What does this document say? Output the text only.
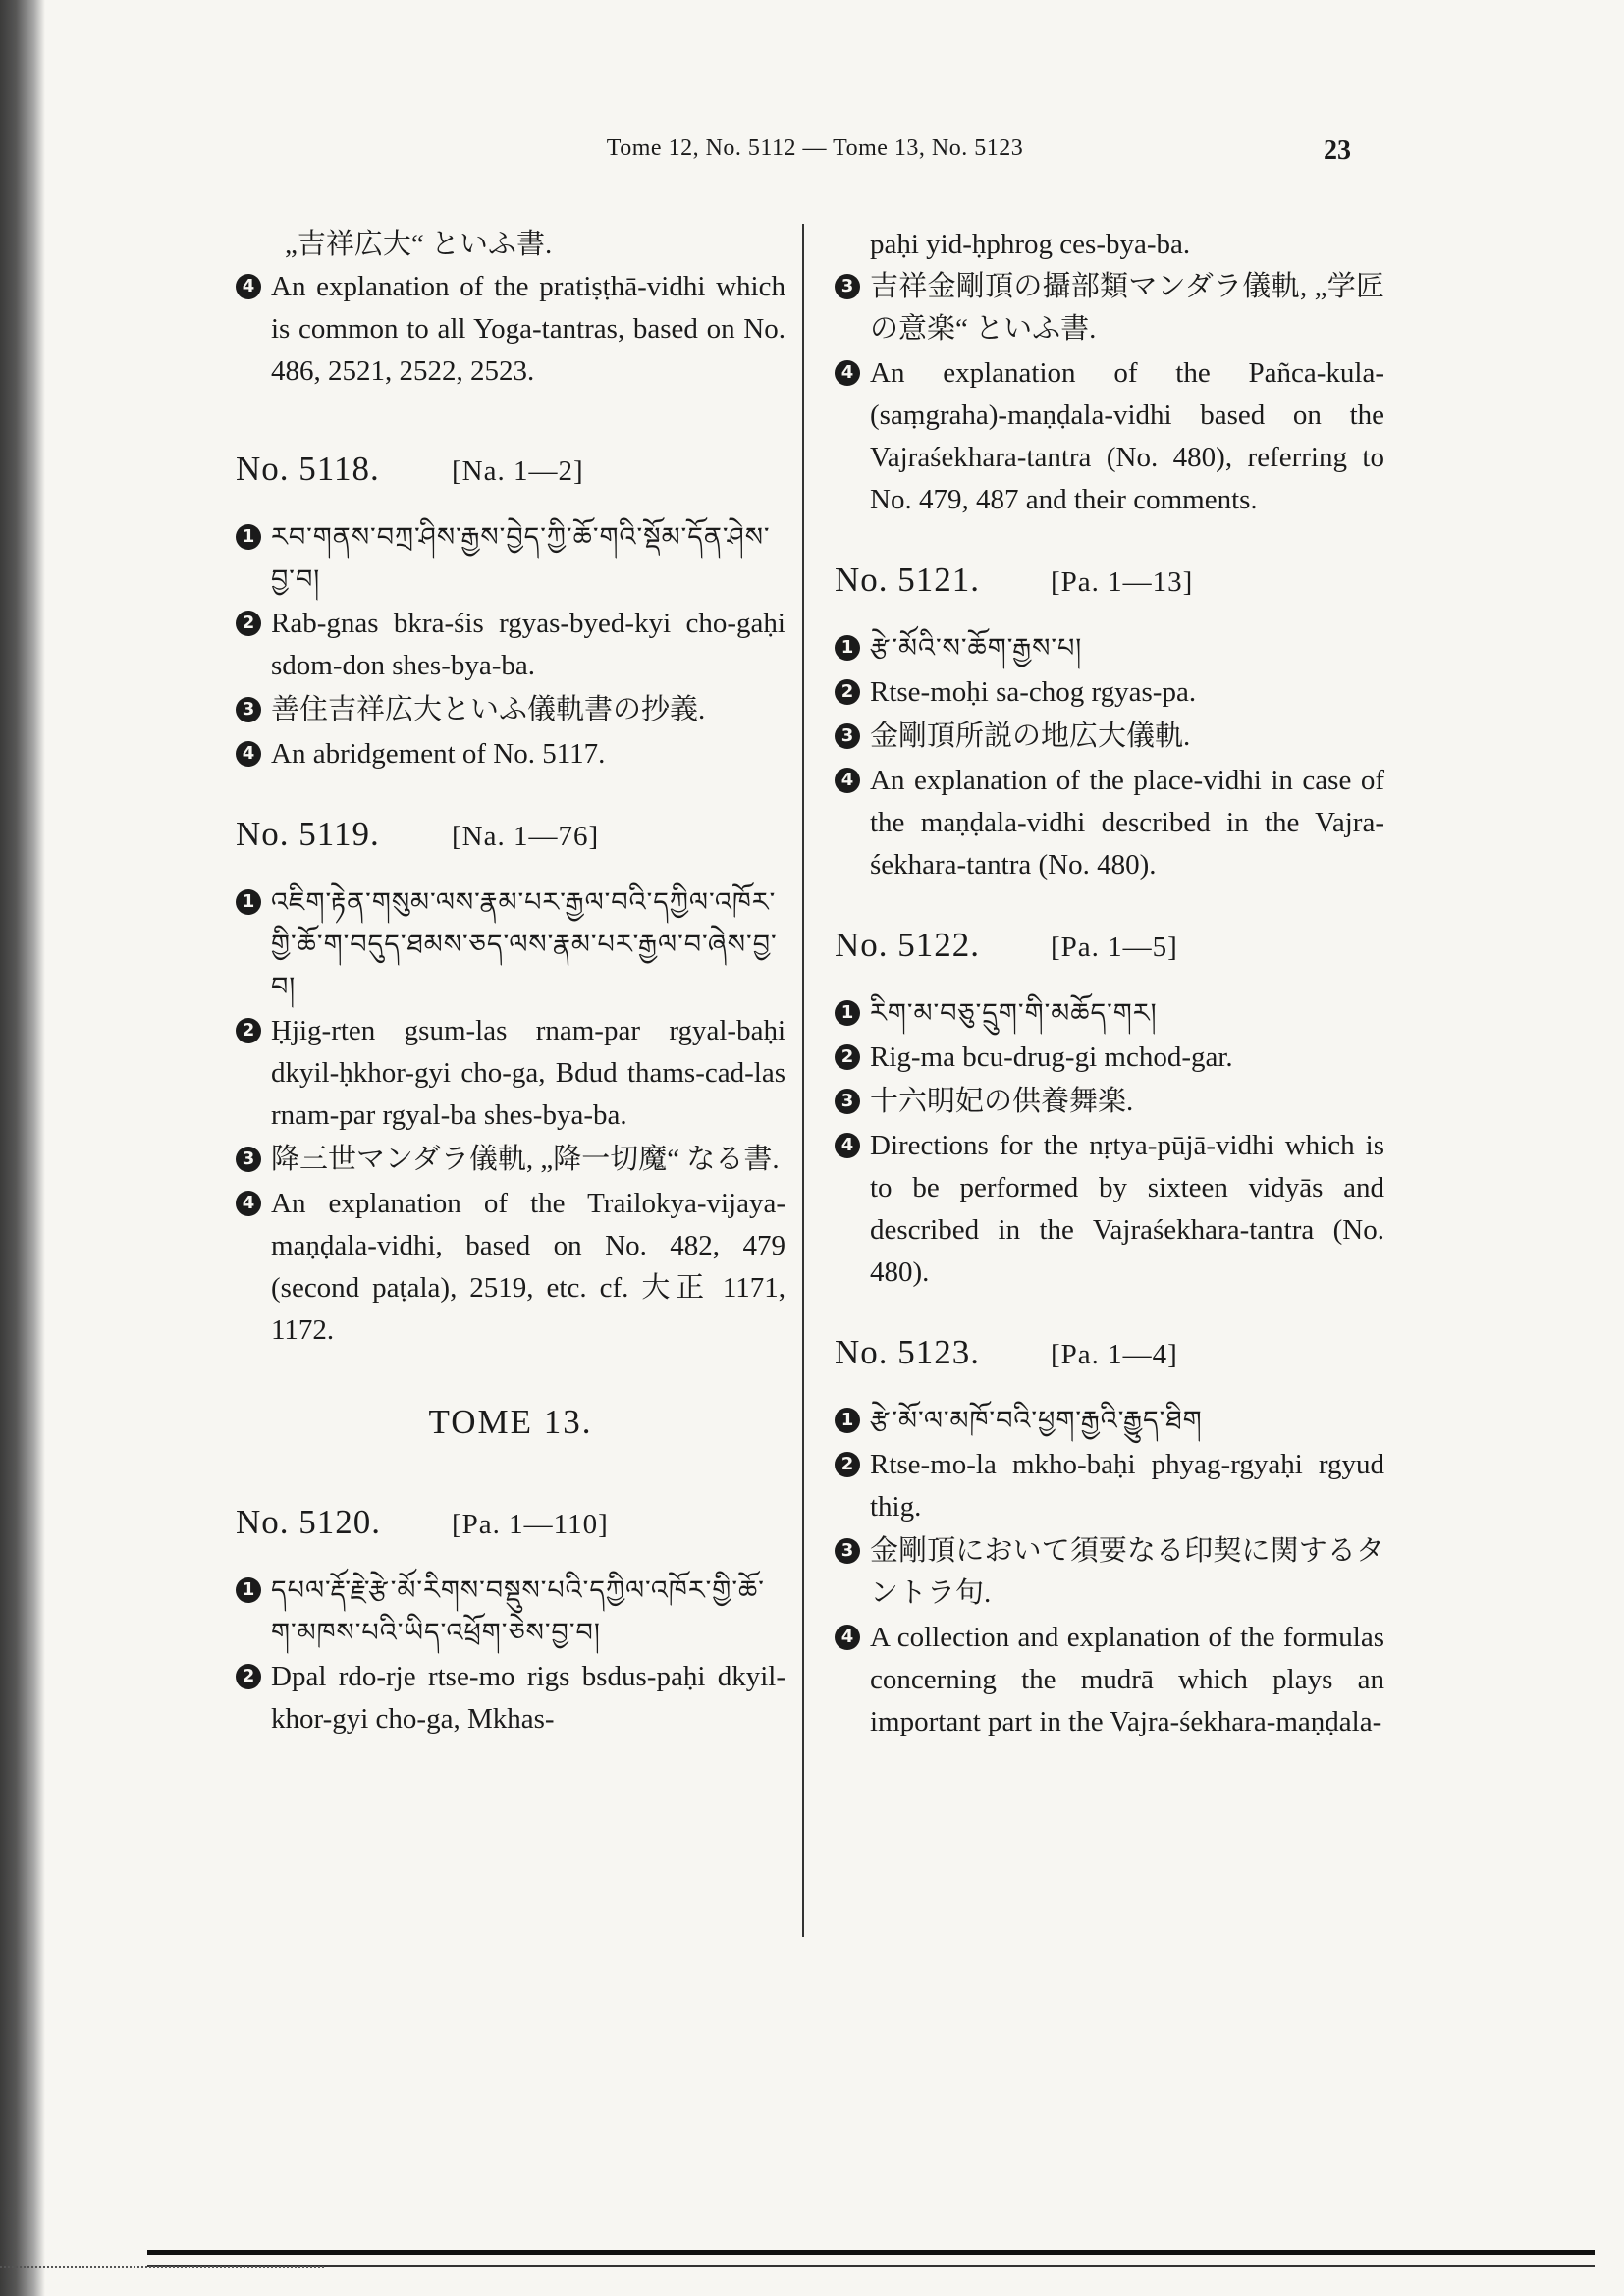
Tome 12, No. 5112 — Tome 13, No. 5123	23
„吉祥広大“ といふ書.
4 An explanation of the pratiṣṭhā-vidhi which is common to all Yoga-tantras, based on No. 486, 2521, 2522, 2523.
No. 5118.	[Na. 1—2]
1 རབ་གནས་བཀྲ་ཤིས་རྒྱས་བྱེད་ཀྱི་ཆོ་གའི་སྡོམ་དོན་ཤེས་བྱ་བ།
2 Rab-gnas bkra-śis rgyas-byed-kyi cho-gaḥi sdom-don shes-bya-ba.
3 善住吉祥広大といふ儀軌書の抄義.
4 An abridgement of No. 5117.
No. 5119.	[Na. 1—76]
1 འཇིག་རྟེན་གསུམ་ལས་རྣམ་པར་རྒྱལ་བའི་དཀྱིལ་འཁོར་གྱི་ཆོ་ག་བདུད་ཐམས་ཅད་ལས་རྣམ་པར་རྒྱལ་བ་ཞེས་བྱ་བ།
2 Ḥjig-rten gsum-las rnam-par rgyal-baḥi dkyil-ḥkhor-gyi cho-ga, Bdud thams-cad-las rnam-par rgyal-ba shes-bya-ba.
3 降三世マンダラ儀軌, „降一切魔“ なる書.
4 An explanation of the Trailokya-vijaya-maṇḍala-vidhi, based on No. 482, 479 (second paṭala), 2519, etc. cf. 大正 1171, 1172.
TOME 13.
No. 5120.	[Pa. 1—110]
1 དཔལ་རྡོ་རྗེ་རྩེ་མོ་རིགས་བསྡུས་པའི་དཀྱིལ་འཁོར་གྱི་ཆོ་ག་མཁས་པའི་ཡིད་འཕྲོག་ཅེས་བྱ་བ།
2 Dpal rdo-rje rtse-mo rigs bsdus-paḥi dkyil-khor-gyi cho-ga, Mkhas-
paḥi yid-ḥphrog ces-bya-ba.
3 吉祥金剛頂の攝部類マンダラ儀軌, „学匠の意楽“ といふ書.
4 An explanation of the Pañca-kula-(saṃgraha)-maṇḍala-vidhi based on the Vajraśekhara-tantra (No. 480), referring to No. 479, 487 and their comments.
No. 5121.	[Pa. 1—13]
1 རྩེ་མོའི་ས་ཆོག་རྒྱས་པ།
2 Rtse-moḥi sa-chog rgyas-pa.
3 金剛頂所説の地広大儀軌.
4 An explanation of the place-vidhi in case of the maṇḍala-vidhi described in the Vajra-śekhara-tantra (No. 480).
No. 5122.	[Pa. 1—5]
1 རིག་མ་བཅུ་དྲུག་གི་མཆོད་གར།
2 Rig-ma bcu-drug-gi mchod-gar.
3 十六明妃の供養舞楽.
4 Directions for the nṛtya-pūjā-vidhi which is to be performed by sixteen vidyās and described in the Vajraśekhara-tantra (No. 480).
No. 5123.	[Pa. 1—4]
1 རྩེ་མོ་ལ་མཁོ་བའི་ཕྱག་རྒྱའི་རྒྱུད་ཐིག
2 Rtse-mo-la mkho-baḥi phyag-rgyaḥi rgyud thig.
3 金剛頂において須要なる印契に関するタントラ句.
4 A collection and explanation of the formulas concerning the mudrā which plays an important part in the Vajra-śekhara-maṇḍala-
